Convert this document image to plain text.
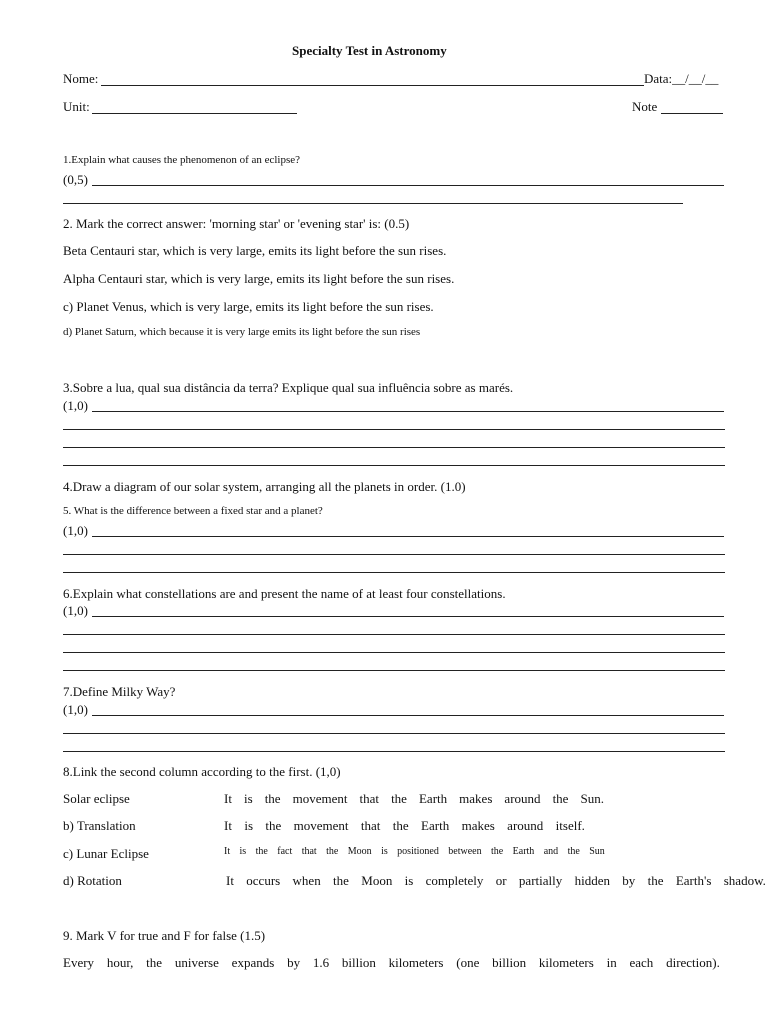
Specialty Test in Astronomy
Nome:	Data:__/__/__
Unit:	Note
1.Explain what causes the phenomenon of an eclipse?
(0,5)
2. Mark the correct answer: 'morning star' or 'evening star' is: (0.5)
Beta Centauri star, which is very large, emits its light before the sun rises.
Alpha Centauri star, which is very large, emits its light before the sun rises.
c) Planet Venus, which is very large, emits its light before the sun rises.
d) Planet Saturn, which because it is very large emits its light before the sun rises
3.Sobre a lua, qual sua distância da terra? Explique qual sua influência sobre as marés.
(1,0)
4.Draw a diagram of our solar system, arranging all the planets in order. (1.0)
5. What is the difference between a fixed star and a planet?
(1,0)
6.Explain what constellations are and present the name of at least four constellations.
(1,0)
7.Define Milky Way?
(1,0)
8.Link the second column according to the first. (1,0)
Solar eclipse
b) Translation
c) Lunar Eclipse
d) Rotation
It is the movement that the Earth makes around the Sun.
It is the movement that the Earth makes around itself.
It is the fact that the Moon is positioned between the Earth and the Sun
It occurs when the Moon is completely or partially hidden by the Earth's shadow.
9. Mark V for true and F for false (1.5)
Every hour, the universe expands by 1.6 billion kilometers (one billion kilometers in each direction).
